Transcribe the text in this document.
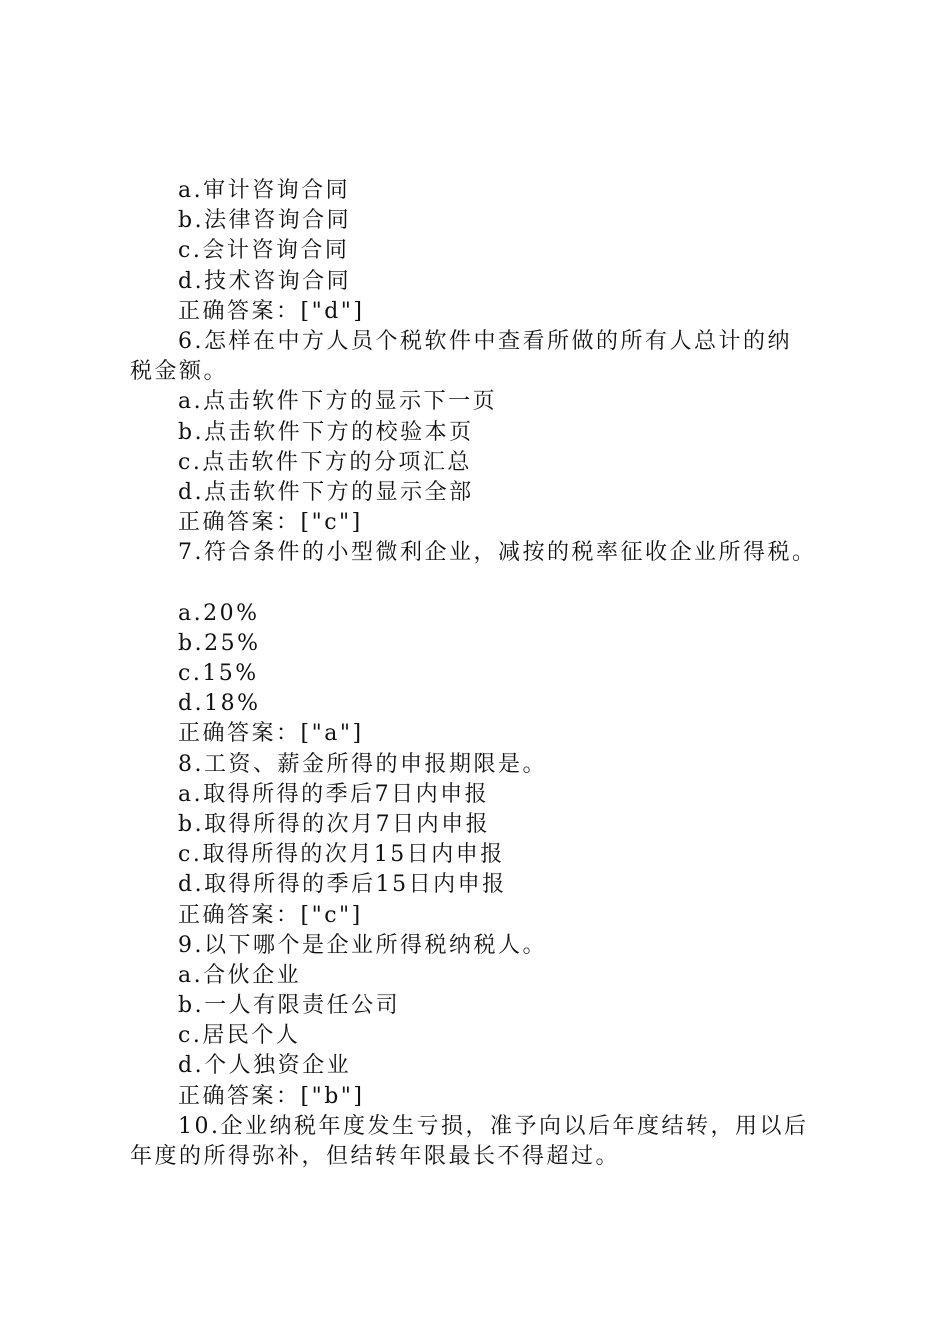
a.审计咨询合同
b.法律咨询合同
c.会计咨询合同
d.技术咨询合同
正确答案：["d"]
6.怎样在中方人员个税软件中查看所做的所有人总计的纳
税金额。
a.点击软件下方的显示下一页
b.点击软件下方的校验本页
c.点击软件下方的分项汇总
d.点击软件下方的显示全部
正确答案：["c"]
7.符合条件的小型微利企业，减按的税率征收企业所得税。
a.20%
b.25%
c.15%
d.18%
正确答案：["a"]
8.工资、薪金所得的申报期限是。
a.取得所得的季后7日内申报
b.取得所得的次月7日内申报
c.取得所得的次月15日内申报
d.取得所得的季后15日内申报
正确答案：["c"]
9.以下哪个是企业所得税纳税人。
a.合伙企业
b.一人有限责任公司
c.居民个人
d.个人独资企业
正确答案：["b"]
10.企业纳税年度发生亏损，准予向以后年度结转，用以后
年度的所得弥补，但结转年限最长不得超过。
